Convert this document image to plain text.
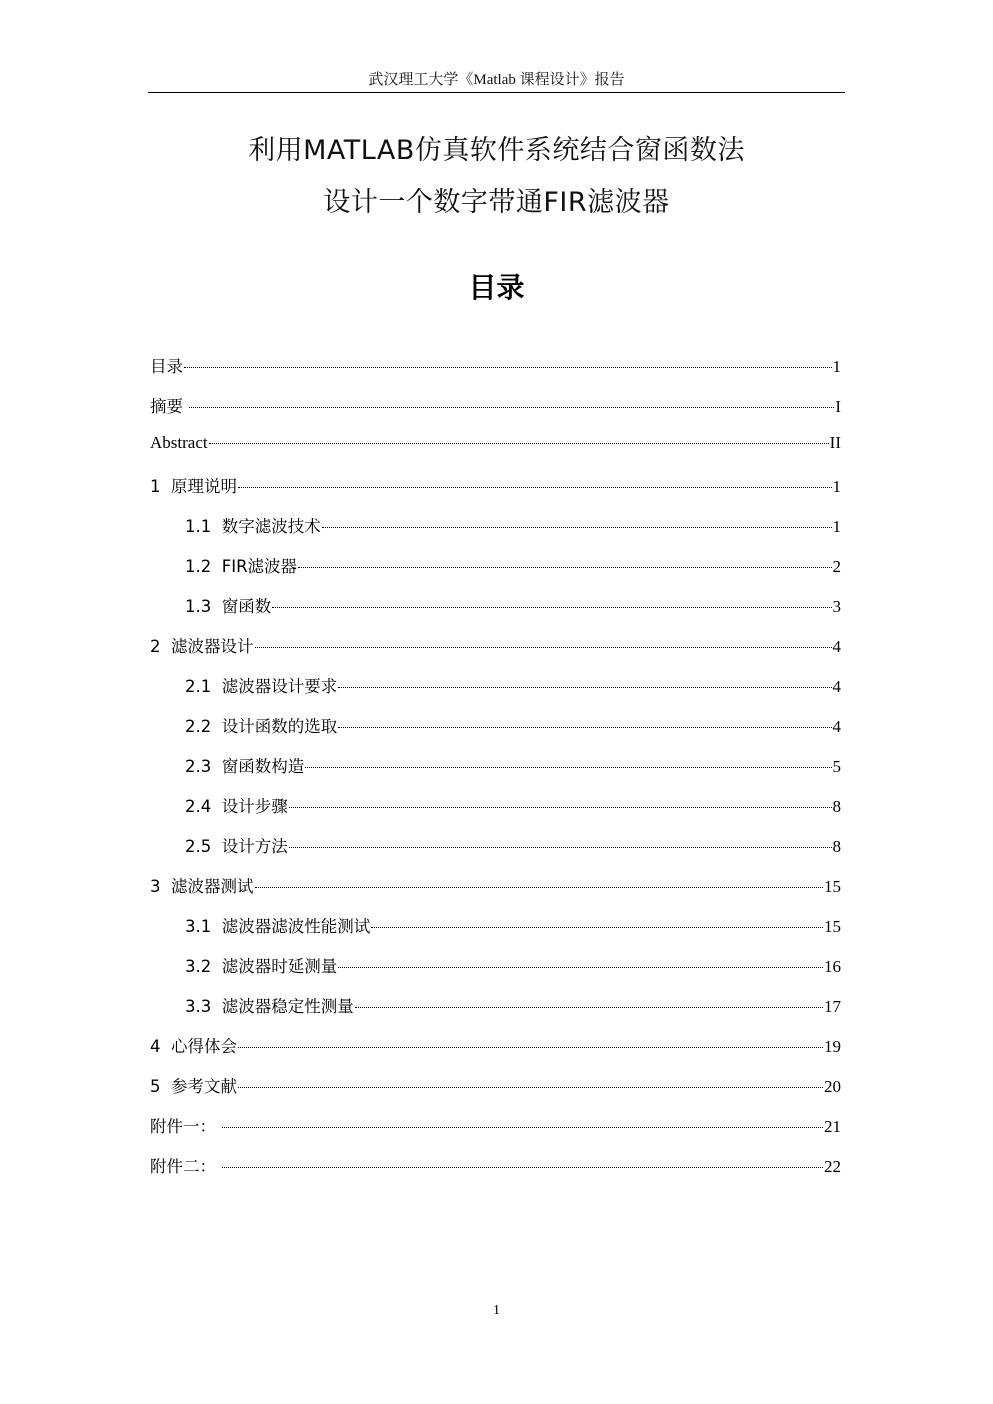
武汉理工大学《Matlab 课程设计》报告
利用MATLAB仿真软件系统结合窗函数法
设计一个数字带通FIR滤波器
目录
目录	1
摘要	I
Abstract	II
1  原理说明	1
1.1  数字滤波技术	1
1.2  FIR滤波器	2
1.3  窗函数	3
2  滤波器设计	4
2.1  滤波器设计要求	4
2.2  设计函数的选取	4
2.3  窗函数构造	5
2.4  设计步骤	8
2.5  设计方法	8
3  滤波器测试	15
3.1  滤波器滤波性能测试	15
3.2  滤波器时延测量	16
3.3  滤波器稳定性测量	17
4  心得体会	19
5  参考文献	20
附件一：	21
附件二：	22
1
